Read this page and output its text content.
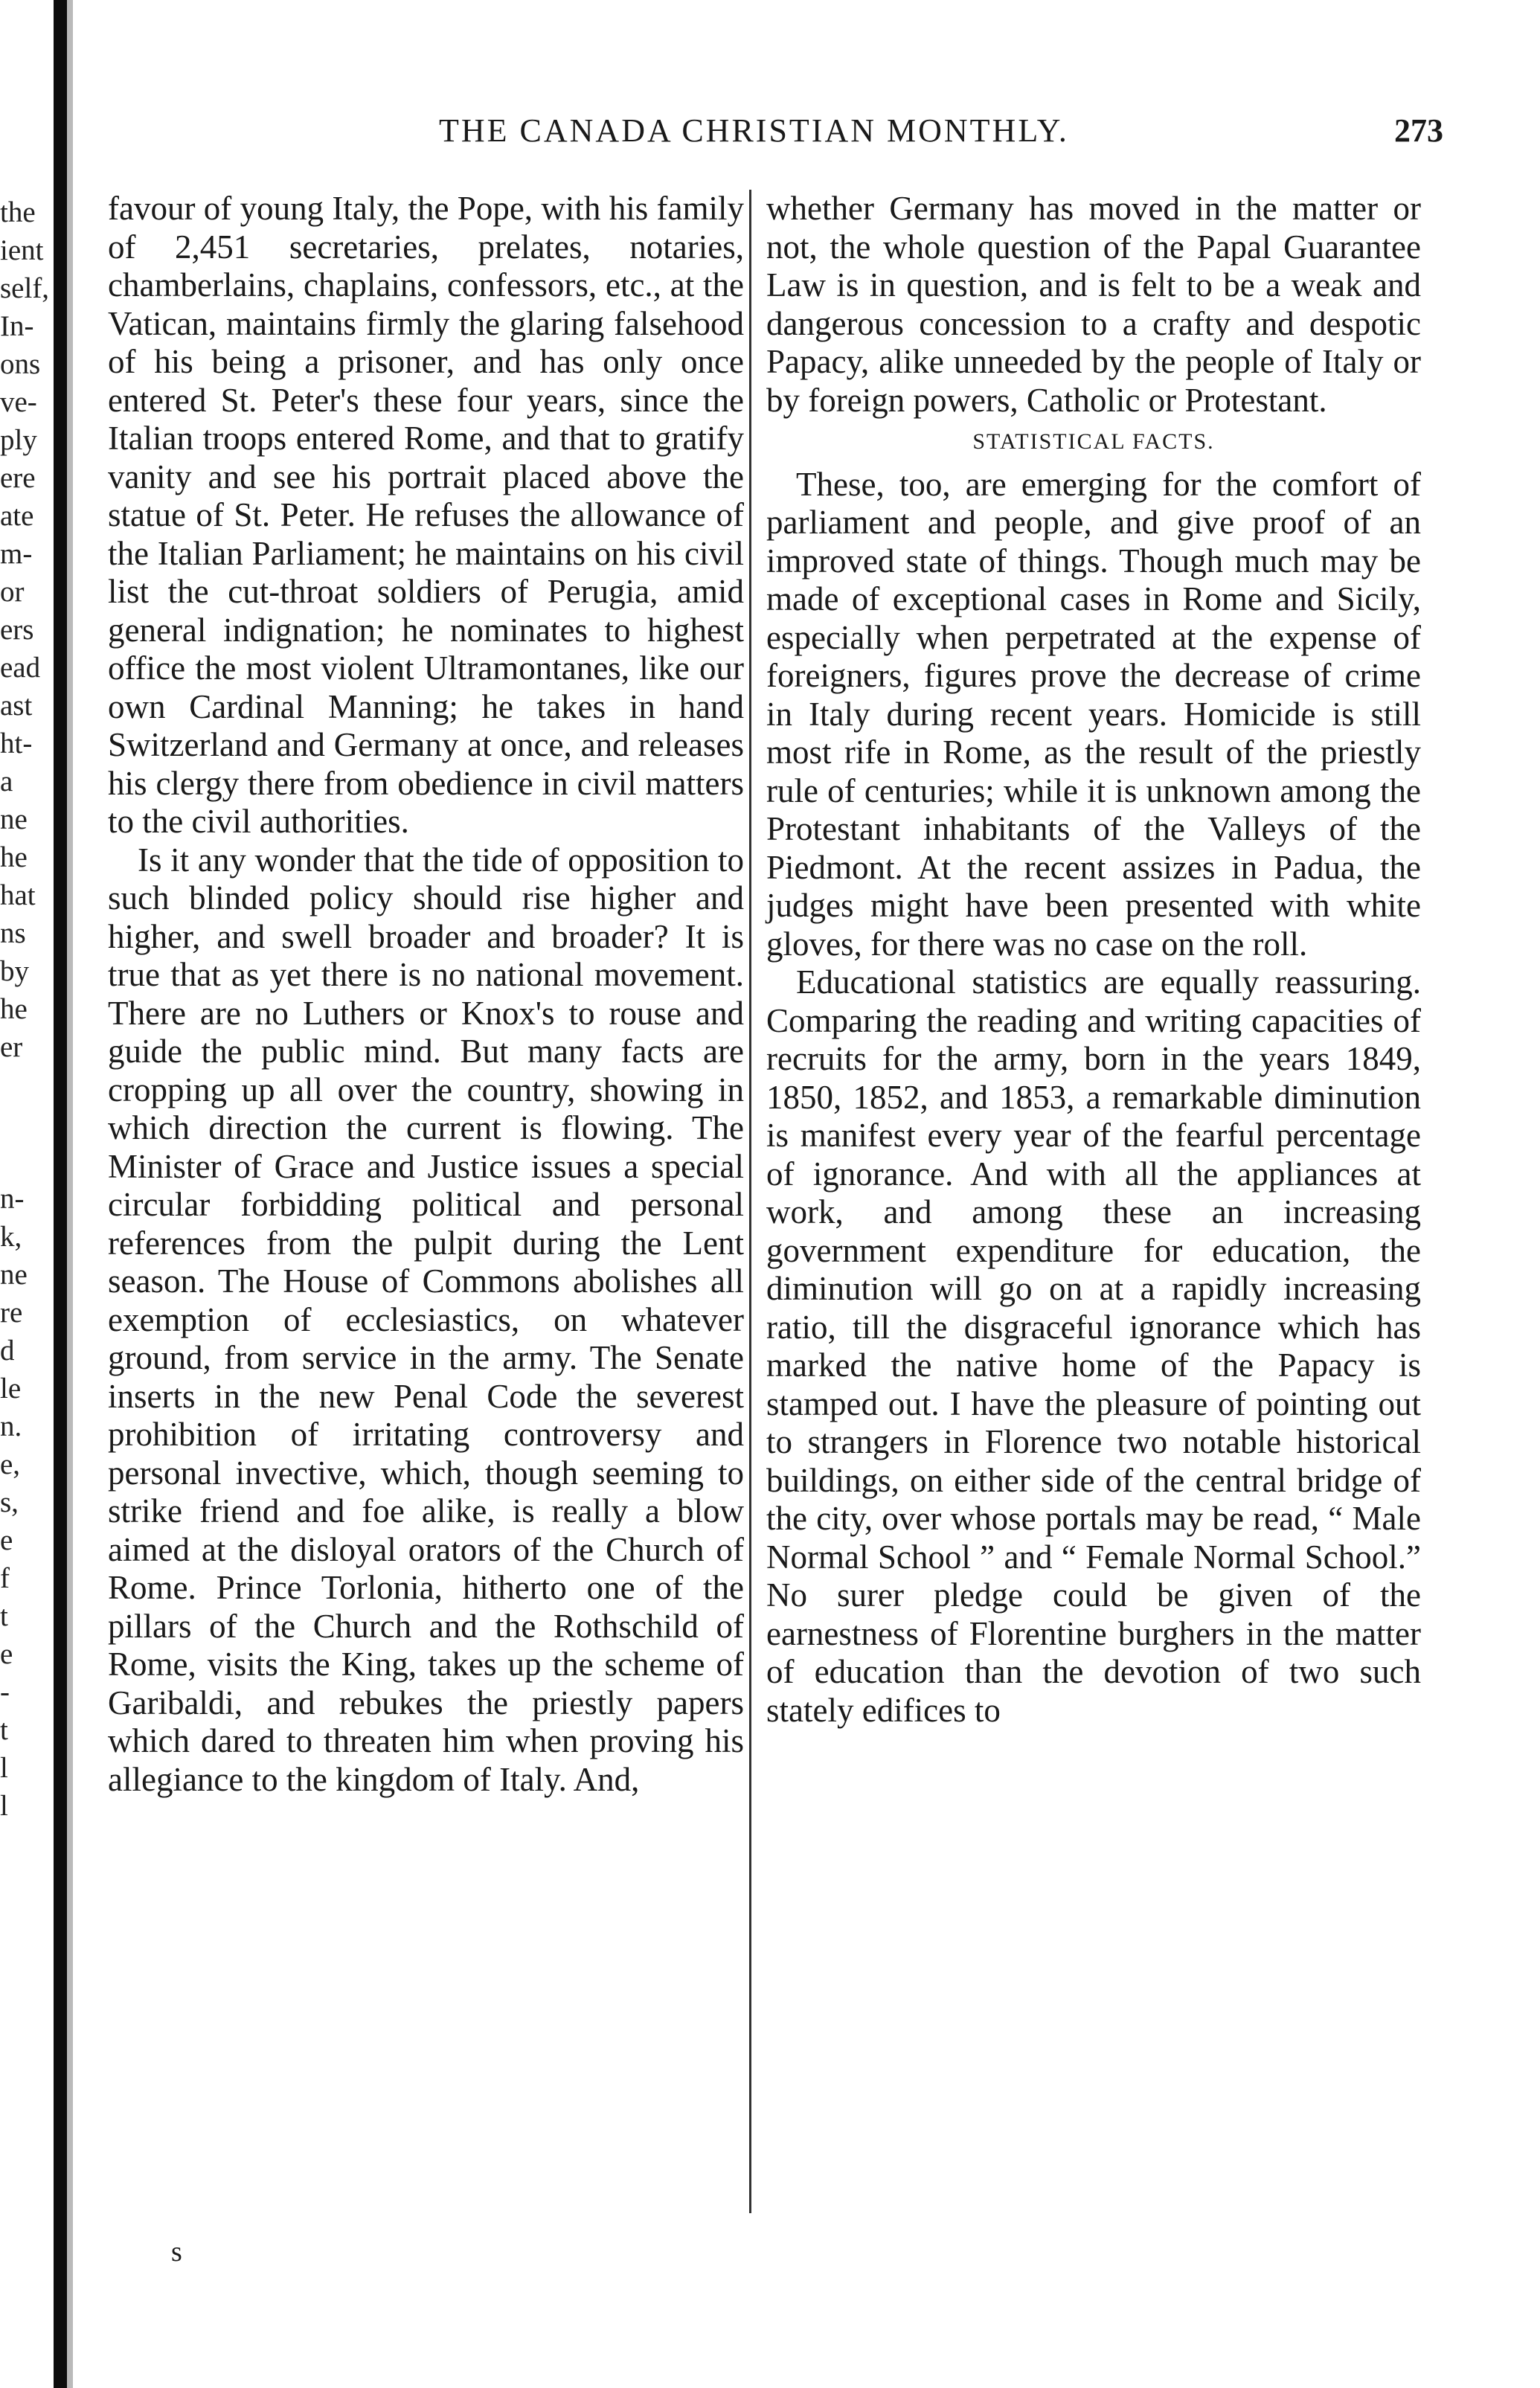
the
ient
self,
In-
ons
ve-
ply
ere
ate
m-
or
ers
ead
ast
ht-
a
ne
he
hat
ns
by
he
er

n-
k,
ne
re
d
le
n.
e,
s,
e
f
t
e
-
t
l
l
THE CANADA CHRISTIAN MONTHLY.	273

favour of young Italy, the Pope, with his family of 2,451 secretaries, prelates, notaries, chamberlains, chaplains, confessors, etc., at the Vatican, maintains firmly the glaring falsehood of his being a prisoner, and has only once entered St. Peter's these four years, since the Italian troops entered Rome, and that to gratify vanity and see his portrait placed above the statue of St. Peter. He refuses the allowance of the Italian Parliament; he maintains on his civil list the cut-throat soldiers of Perugia, amid general indignation; he nominates to highest office the most violent Ultramontanes, like our own Cardinal Manning; he takes in hand Switzerland and Germany at once, and releases his clergy there from obedience in civil matters to the civil authorities.

Is it any wonder that the tide of opposition to such blinded policy should rise higher and higher, and swell broader and broader? It is true that as yet there is no national movement. There are no Luthers or Knox's to rouse and guide the public mind. But many facts are cropping up all over the country, showing in which direction the current is flowing. The Minister of Grace and Justice issues a special circular forbidding political and personal references from the pulpit during the Lent season. The House of Commons abolishes all exemption of ecclesiastics, on whatever ground, from service in the army. The Senate inserts in the new Penal Code the severest prohibition of irritating controversy and personal invective, which, though seeming to strike friend and foe alike, is really a blow aimed at the disloyal orators of the Church of Rome. Prince Torlonia, hitherto one of the pillars of the Church and the Rothschild of Rome, visits the King, takes up the scheme of Garibaldi, and rebukes the priestly papers which dared to threaten him when proving his allegiance to the kingdom of Italy. And,

whether Germany has moved in the matter or not, the whole question of the Papal Guarantee Law is in question, and is felt to be a weak and dangerous concession to a crafty and despotic Papacy, alike unneeded by the people of Italy or by foreign powers, Catholic or Protestant.

STATISTICAL FACTS.

These, too, are emerging for the comfort of parliament and people, and give proof of an improved state of things. Though much may be made of exceptional cases in Rome and Sicily, especially when perpetrated at the expense of foreigners, figures prove the decrease of crime in Italy during recent years. Homicide is still most rife in Rome, as the result of the priestly rule of centuries; while it is unknown among the Protestant inhabitants of the Valleys of the Piedmont. At the recent assizes in Padua, the judges might have been presented with white gloves, for there was no case on the roll.

Educational statistics are equally reassuring. Comparing the reading and writing capacities of recruits for the army, born in the years 1849, 1850, 1852, and 1853, a remarkable diminution is manifest every year of the fearful percentage of ignorance. And with all the appliances at work, and among these an increasing government expenditure for education, the diminution will go on at a rapidly increasing ratio, till the disgraceful ignorance which has marked the native home of the Papacy is stamped out. I have the pleasure of pointing out to strangers in Florence two notable historical buildings, on either side of the central bridge of the city, over whose portals may be read, “ Male Normal School ” and “ Female Normal School.” No surer pledge could be given of the earnestness of Florentine burghers in the matter of education than the devotion of two such stately edifices to

s
